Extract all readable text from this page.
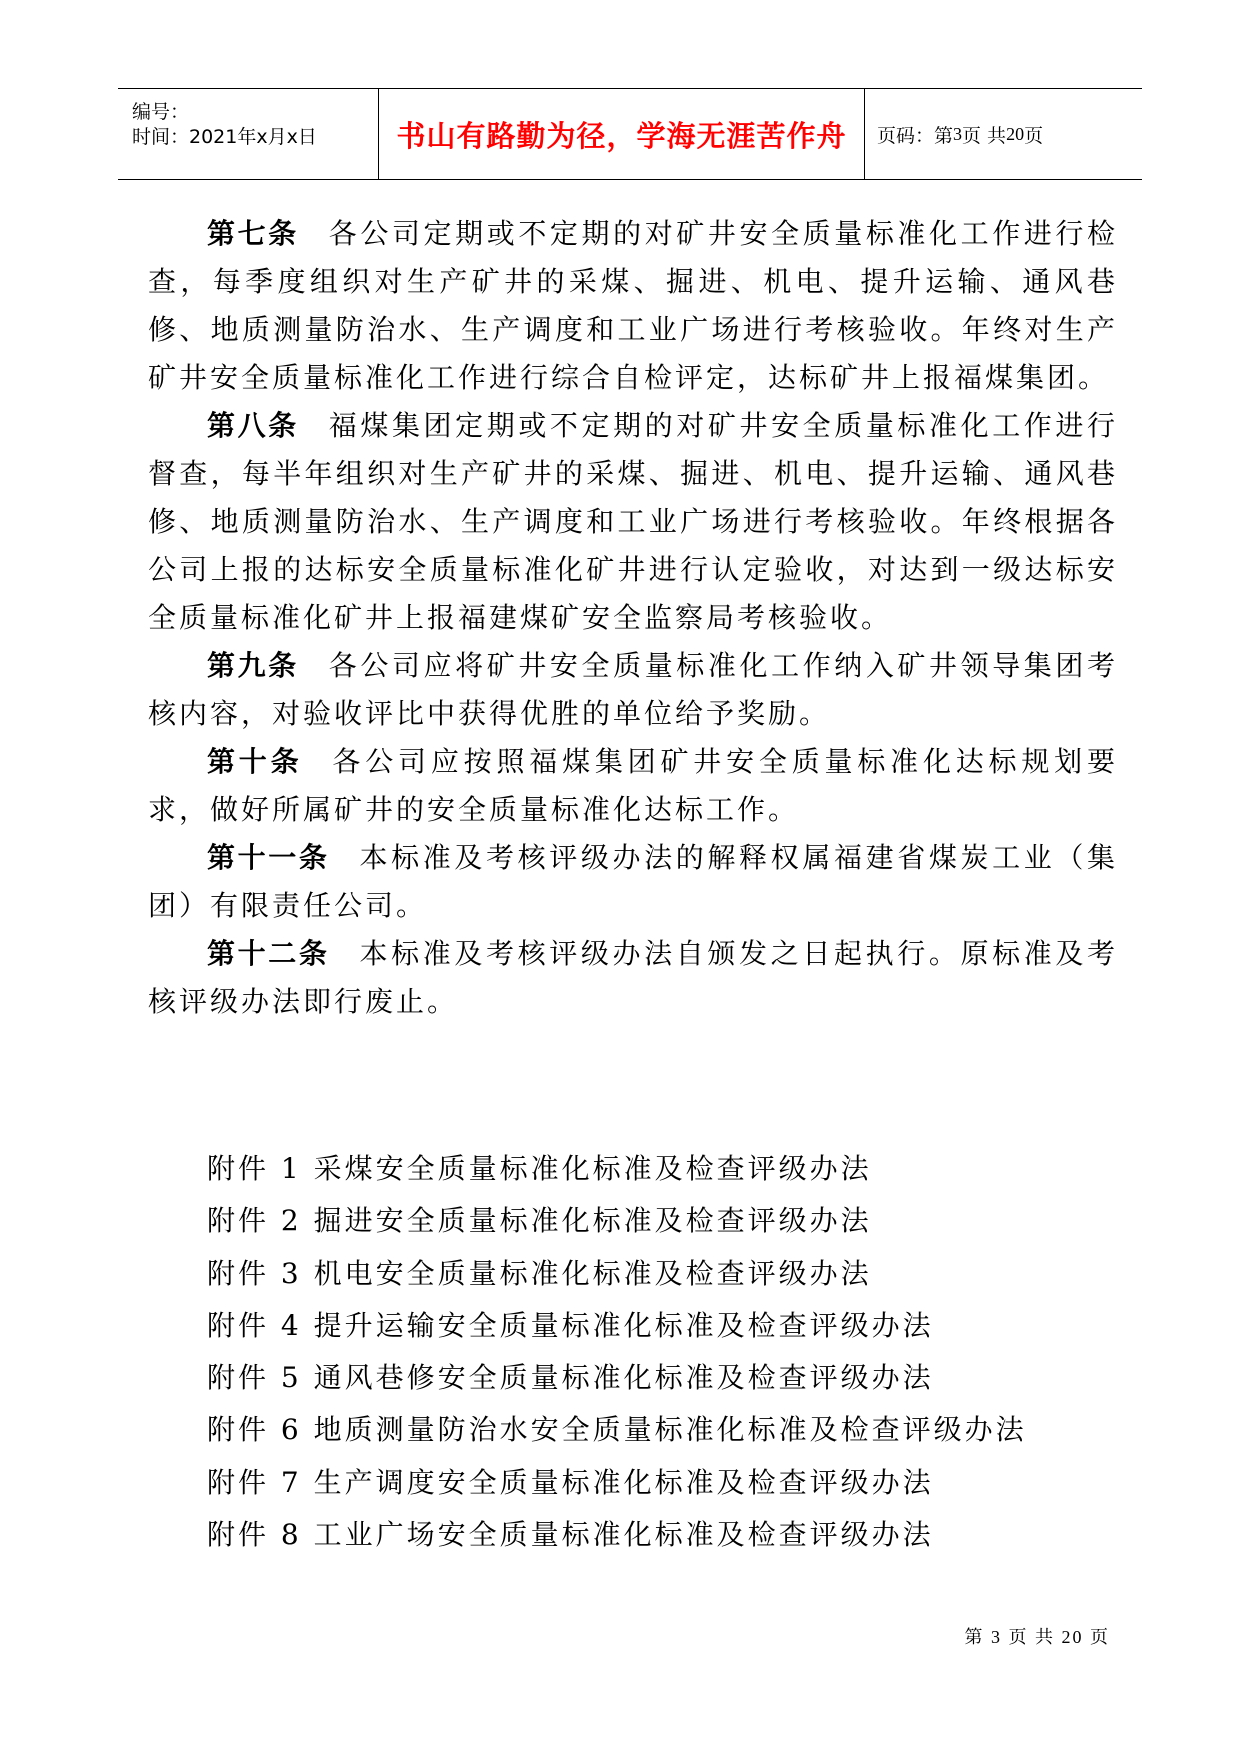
编号：
时间：2021年x月x日	书山有路勤为径，学海无涯苦作舟 页码：第 3 页 共 20 页

第七条 各公司定期或不定期的对矿井安全质量标准化工作进行检查，每季度组织对生产矿井的采煤、掘进、机电、提升运输、通风巷修、地质测量防治水、生产调度和工业广场进行考核验收。年终对生产矿井安全质量标准化工作进行综合自检评定，达标矿井上报福煤集团。

第八条 福煤集团定期或不定期的对矿井安全质量标准化工作进行督查，每半年组织对生产矿井的采煤、掘进、机电、提升运输、通风巷修、地质测量防治水、生产调度和工业广场进行考核验收。年终根据各公司上报的达标安全质量标准化矿井进行认定验收，对达到一级达标安全质量标准化矿井上报福建煤矿安全监察局考核验收。

第九条 各公司应将矿井安全质量标准化工作纳入矿井领导集团考核内容，对验收评比中获得优胜的单位给予奖励。

第十条 各公司应按照福煤集团矿井安全质量标准化达标规划要求，做好所属矿井的安全质量标准化达标工作。

第十一条 本标准及考核评级办法的解释权属福建省煤炭工业（集团）有限责任公司。

第十二条 本标准及考核评级办法自颁发之日起执行。原标准及考核评级办法即行废止。

附件 1 采煤安全质量标准化标准及检查评级办法
附件 2 掘进安全质量标准化标准及检查评级办法
附件 3 机电安全质量标准化标准及检查评级办法
附件 4 提升运输安全质量标准化标准及检查评级办法
附件 5 通风巷修安全质量标准化标准及检查评级办法
附件 6 地质测量防治水安全质量标准化标准及检查评级办法
附件 7 生产调度安全质量标准化标准及检查评级办法
附件 8 工业广场安全质量标准化标准及检查评级办法
第 3 页 共 20 页
